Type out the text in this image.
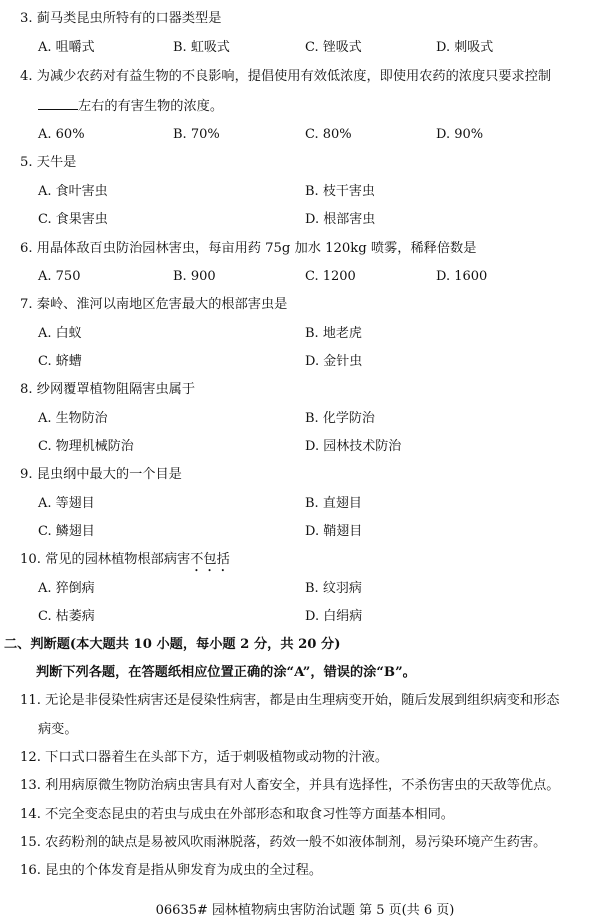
3. 蓟马类昆虫所特有的口器类型是
A. 咀嚼式	B. 虹吸式	C. 锉吸式	D. 刺吸式
4. 为减少农药对有益生物的不良影响，提倡使用有效低浓度，即使用农药的浓度只要求控制
左右的有害生物的浓度。
A. 60%	B. 70%	C. 80%	D. 90%
5. 天牛是
A. 食叶害虫	B. 枝干害虫
C. 食果害虫	D. 根部害虫
6. 用晶体敌百虫防治园林害虫，每亩用药 75g 加水 120kg 喷雾，稀释倍数是
A. 750	B. 900	C. 1200	D. 1600
7. 秦岭、淮河以南地区危害最大的根部害虫是
A. 白蚁	B. 地老虎
C. 蛴螬	D. 金针虫
8. 纱网覆罩植物阻隔害虫属于
A. 生物防治	B. 化学防治
C. 物理机械防治	D. 园林技术防治
9. 昆虫纲中最大的一个目是
A. 等翅目	B. 直翅目
C. 鳞翅目	D. 鞘翅目
10. 常见的园林植物根部病害不包括
A. 猝倒病	B. 纹羽病
C. 枯萎病	D. 白绢病
二、判断题(本大题共 10 小题，每小题 2 分，共 20 分)
判断下列各题，在答题纸相应位置正确的涂“A”，错误的涂“B”。
11. 无论是非侵染性病害还是侵染性病害，都是由生理病变开始，随后发展到组织病变和形态
病变。
12. 下口式口器着生在头部下方，适于刺吸植物或动物的汁液。
13. 利用病原微生物防治病虫害具有对人畜安全，并具有选择性，不杀伤害虫的天敌等优点。
14. 不完全变态昆虫的若虫与成虫在外部形态和取食习性等方面基本相同。
15. 农药粉剂的缺点是易被风吹雨淋脱落，药效一般不如液体制剂，易污染环境产生药害。
16. 昆虫的个体发育是指从卵发育为成虫的全过程。
06635# 园林植物病虫害防治试题 第 5 页(共 6 页)
